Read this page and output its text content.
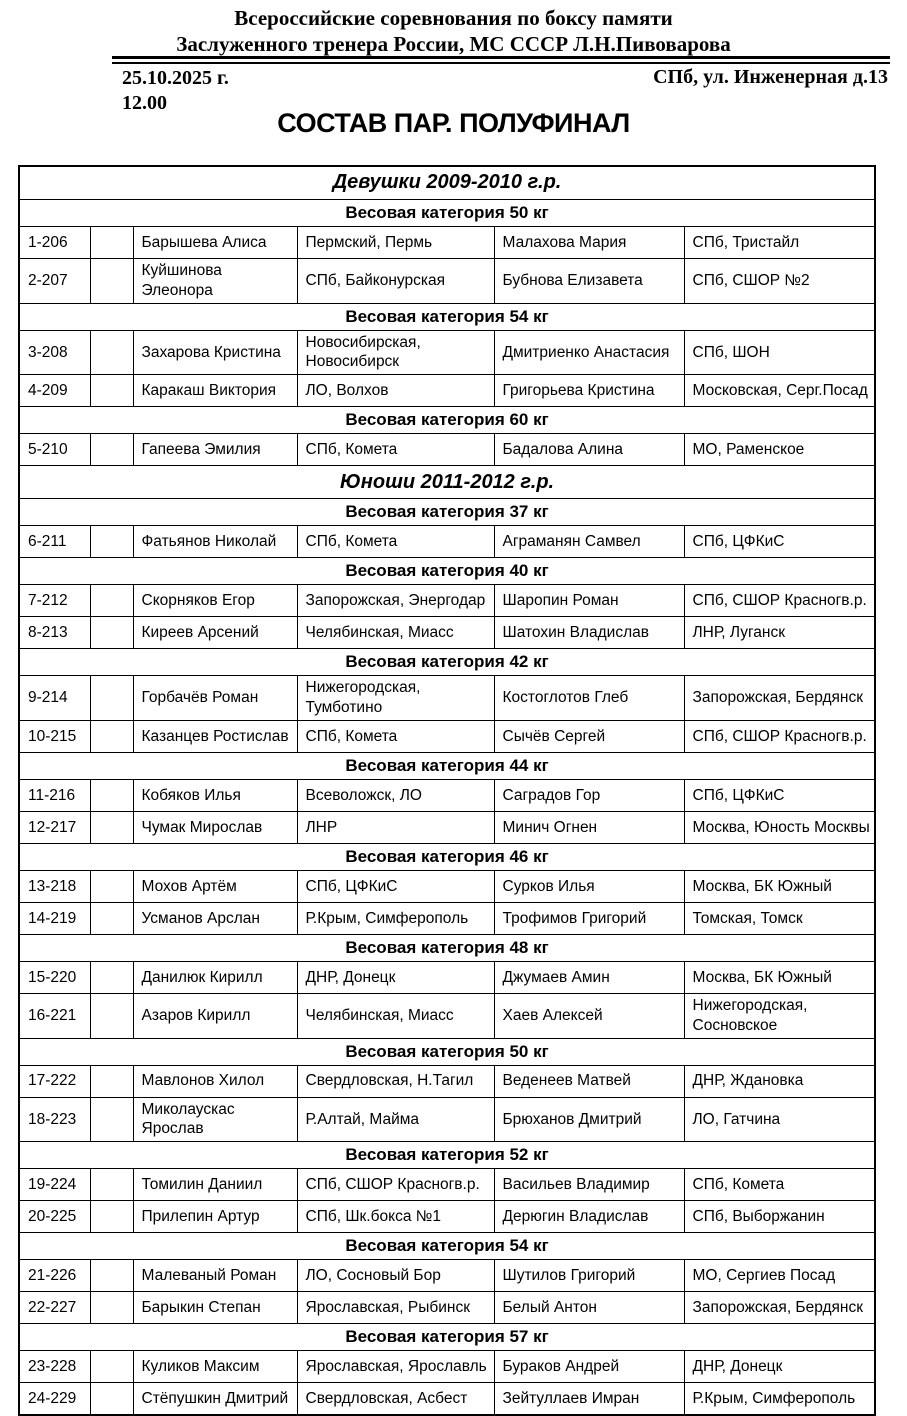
Всероссийские соревнования по боксу памяти
Заслуженного тренера России, МС СССР Л.Н.Пивоварова
25.10.2025 г.
12.00
СПб, ул. Инженерная д.13
СОСТАВ ПАР. ПОЛУФИНАЛ
Девушки 2009-2010 г.р.					
Весовая категория 50 кг					
1-206		Барышева Алиса	Пермский, Пермь	Малахова Мария	СПб, Тристайл
2-207		Куйшинова Элеонора	СПб, Байконурская	Бубнова Елизавета	СПб, СШОР №2
Весовая категория 54 кг					
3-208		Захарова Кристина	Новосибирская, Новосибирск	Дмитриенко Анастасия	СПб, ШОН
4-209		Каракаш Виктория	ЛО, Волхов	Григорьева Кристина	Московская, Серг.Посад
Весовая категория 60 кг					
5-210		Гапеева Эмилия	СПб, Комета	Бадалова Алина	МО, Раменское
Юноши 2011-2012 г.р.					
Весовая категория 37 кг					
6-211		Фатьянов Николай	СПб, Комета	Аграманян Самвел	СПб, ЦФКиС
Весовая категория 40 кг					
7-212		Скорняков Егор	Запорожская, Энергодар	Шаропин Роман	СПб, СШОР Красногв.р.
8-213		Киреев Арсений	Челябинская, Миасс	Шатохин Владислав	ЛНР, Луганск
Весовая категория 42 кг					
9-214		Горбачёв Роман	Нижегородская, Тумботино	Костоглотов Глеб	Запорожская, Бердянск
10-215		Казанцев Ростислав	СПб, Комета	Сычёв Сергей	СПб, СШОР Красногв.р.
Весовая категория 44 кг					
11-216		Кобяков Илья	Всеволожск, ЛО	Саградов Гор	СПб, ЦФКиС
12-217		Чумак Мирослав	ЛНР	Минич Огнен	Москва, Юность Москвы
Весовая категория 46 кг					
13-218		Мохов Артём	СПб, ЦФКиС	Сурков Илья	Москва, БК Южный
14-219		Усманов Арслан	Р.Крым, Симферополь	Трофимов Григорий	Томская, Томск
Весовая категория 48 кг					
15-220		Данилюк Кирилл	ДНР, Донецк	Джумаев Амин	Москва, БК Южный
16-221		Азаров Кирилл	Челябинская, Миасс	Хаев Алексей	Нижегородская, Сосновское
Весовая категория 50 кг					
17-222		Мавлонов Хилол	Свердловская, Н.Тагил	Веденеев Матвей	ДНР, Ждановка
18-223		Миколаускас Ярослав	Р.Алтай, Майма	Брюханов Дмитрий	ЛО, Гатчина
Весовая категория 52 кг					
19-224		Томилин Даниил	СПб, СШОР Красногв.р.	Васильев Владимир	СПб, Комета
20-225		Прилепин Артур	СПб, Шк.бокса №1	Дерюгин Владислав	СПб, Выборжанин
Весовая категория 54 кг					
21-226		Малеваный Роман	ЛО, Сосновый Бор	Шутилов Григорий	МО, Сергиев Посад
22-227		Барыкин Степан	Ярославская, Рыбинск	Белый Антон	Запорожская, Бердянск
Весовая категория 57 кг					
23-228		Куликов Максим	Ярославская, Ярославль	Бураков Андрей	ДНР, Донецк
24-229		Стёпушкин Дмитрий	Свердловская, Асбест	Зейтуллаев Имран	Р.Крым, Симферополь
